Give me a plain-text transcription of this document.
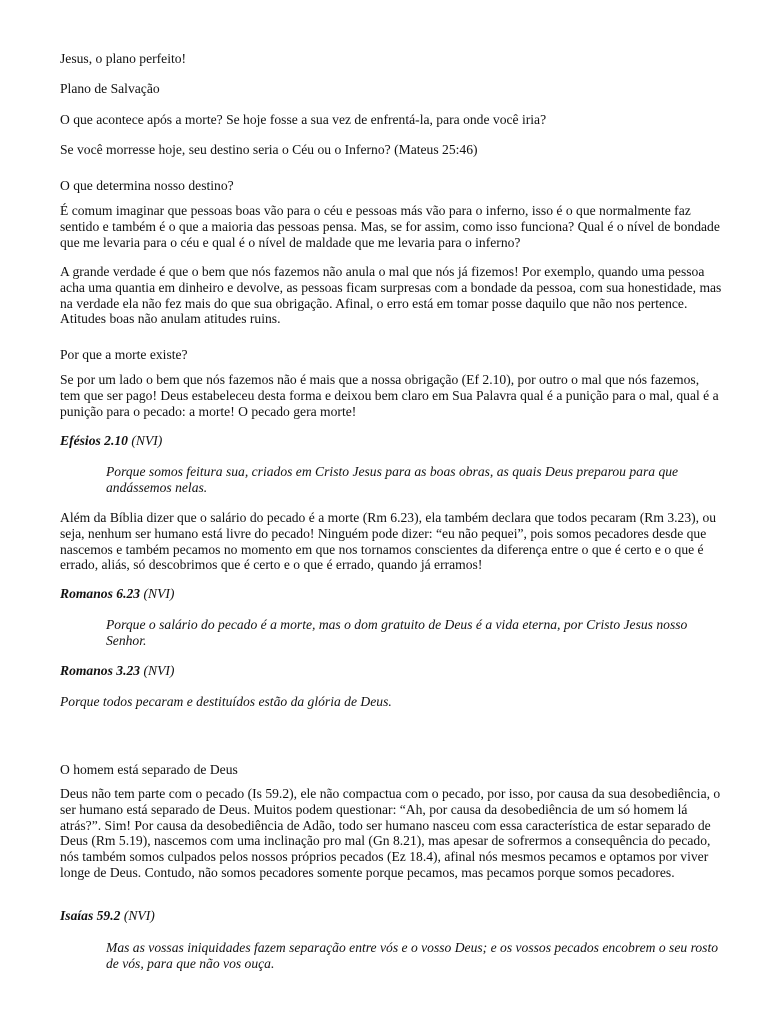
Jesus, o plano perfeito!

Plano de Salvação

O que acontece após a morte? Se hoje fosse a sua vez de enfrentá-la, para onde você iria?

Se você morresse hoje, seu destino seria o Céu ou o Inferno? (Mateus 25:46)

O que determina nosso destino?

É comum imaginar que pessoas boas vão para o céu e pessoas más vão para o inferno, isso é o que normalmente faz sentido e também é o que a maioria das pessoas pensa. Mas, se for assim, como isso funciona? Qual é o nível de bondade que me levaria para o céu e qual é o nível de maldade que me levaria para o inferno?

A grande verdade é que o bem que nós fazemos não anula o mal que nós já fizemos! Por exemplo, quando uma pessoa acha uma quantia em dinheiro e devolve, as pessoas ficam surpresas com a bondade da pessoa, com sua honestidade, mas na verdade ela não fez mais do que sua obrigação. Afinal, o erro está em tomar posse daquilo que não nos pertence. Atitudes boas não anulam atitudes ruins.

Por que a morte existe?

Se por um lado o bem que nós fazemos não é mais que a nossa obrigação (Ef 2.10), por outro o mal que nós fazemos, tem que ser pago! Deus estabeleceu desta forma e deixou bem claro em Sua Palavra qual é a punição para o mal, qual é a punição para o pecado: a morte! O pecado gera morte!

Efésios 2.10 (NVI)

Porque somos feitura sua, criados em Cristo Jesus para as boas obras, as quais Deus preparou para que andássemos nelas.

Além da Bíblia dizer que o salário do pecado é a morte (Rm 6.23), ela também declara que todos pecaram (Rm 3.23), ou seja, nenhum ser humano está livre do pecado! Ninguém pode dizer: “eu não pequei”, pois somos pecadores desde que nascemos e também pecamos no momento em que nos tornamos conscientes da diferença entre o que é certo e o que é errado, aliás, só descobrimos que é certo e o que é errado, quando já erramos!

Romanos 6.23 (NVI)

Porque o salário do pecado é a morte, mas o dom gratuito de Deus é a vida eterna, por Cristo Jesus nosso Senhor.

Romanos 3.23 (NVI)

Porque todos pecaram e destituídos estão da glória de Deus.

O homem está separado de Deus

Deus não tem parte com o pecado (Is 59.2), ele não compactua com o pecado, por isso, por causa da sua desobediência, o ser humano está separado de Deus. Muitos podem questionar: “Ah, por causa da desobediência de um só homem lá atrás?”. Sim! Por causa da desobediência de Adão, todo ser humano nasceu com essa característica de estar separado de Deus (Rm 5.19), nascemos com uma inclinação pro mal (Gn 8.21), mas apesar de sofrermos a consequência do pecado, nós também somos culpados pelos nossos próprios pecados (Ez 18.4), afinal nós mesmos pecamos e optamos por viver longe de Deus. Contudo, não somos pecadores somente porque pecamos, mas pecamos porque somos pecadores.

Isaías 59.2 (NVI)

Mas as vossas iniquidades fazem separação entre vós e o vosso Deus; e os vossos pecados encobrem o seu rosto de vós, para que não vos ouça.
